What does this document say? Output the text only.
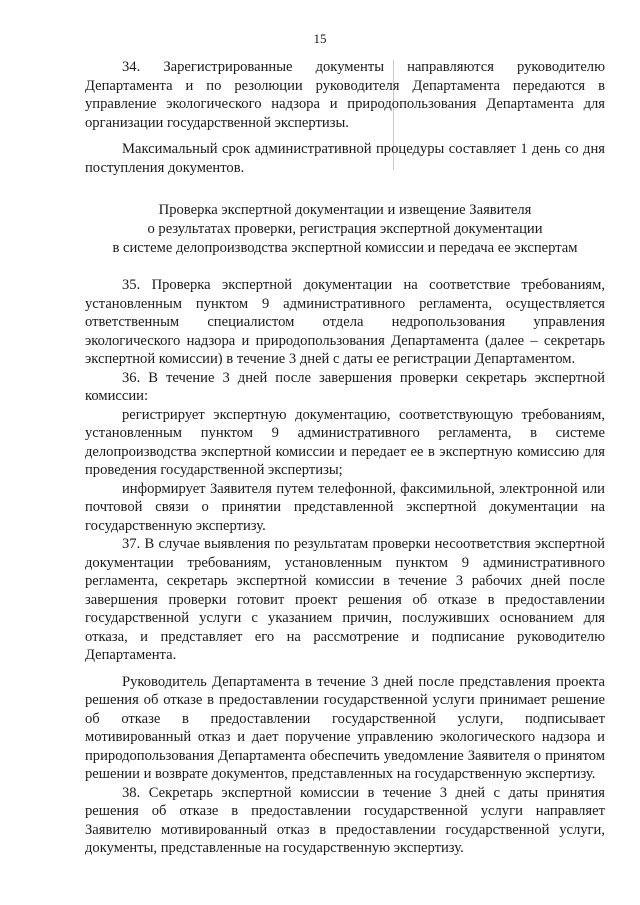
15

34. Зарегистрированные документы направляются руководителю Департамента и по резолюции руководителя Департамента передаются в управление экологического надзора и природопользования Департамента для организации государственной экспертизы.

Максимальный срок административной процедуры составляет 1 день со дня поступления документов.

Проверка экспертной документации и извещение Заявителя
о результатах проверки, регистрация экспертной документации
в системе делопроизводства экспертной комиссии и передача ее экспертам

35. Проверка экспертной документации на соответствие требованиям, установленным пунктом 9 административного регламента, осуществляется ответственным специалистом отдела недропользования управления экологического надзора и природопользования Департамента (далее – секретарь экспертной комиссии) в течение 3 дней с даты ее регистрации Департаментом.

36. В течение 3 дней после завершения проверки секретарь экспертной комиссии:

регистрирует экспертную документацию, соответствующую требованиям, установленным пунктом 9 административного регламента, в системе делопроизводства экспертной комиссии и передает ее в экспертную комиссию для проведения государственной экспертизы;

информирует Заявителя путем телефонной, факсимильной, электронной или почтовой связи о принятии представленной экспертной документации на государственную экспертизу.

37. В случае выявления по результатам проверки несоответствия экспертной документации требованиям, установленным пунктом 9 административного регламента, секретарь экспертной комиссии в течение 3 рабочих дней после завершения проверки готовит проект решения об отказе в предоставлении государственной услуги с указанием причин, послуживших основанием для отказа, и представляет его на рассмотрение и подписание руководителю Департамента.

Руководитель Департамента в течение 3 дней после представления проекта решения об отказе в предоставлении государственной услуги принимает решение об отказе в предоставлении государственной услуги, подписывает мотивированный отказ и дает поручение управлению экологического надзора и природопользования Департамента обеспечить уведомление Заявителя о принятом решении и возврате документов, представленных на государственную экспертизу.

38. Секретарь экспертной комиссии в течение 3 дней с даты принятия решения об отказе в предоставлении государственной услуги направляет Заявителю мотивированный отказ в предоставлении государственной услуги, документы, представленные на государственную экспертизу.
